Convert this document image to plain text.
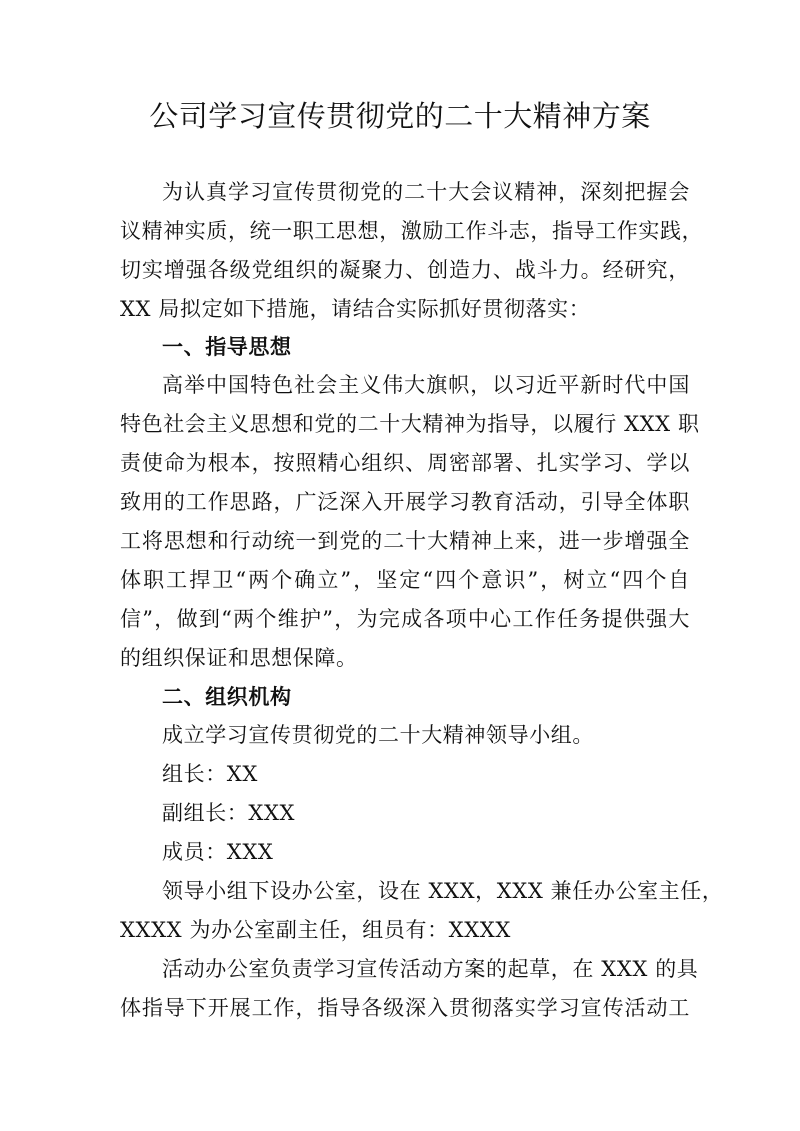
公司学习宣传贯彻党的二十大精神方案
为认真学习宣传贯彻党的二十大会议精神，深刻把握会
议精神实质，统一职工思想，激励工作斗志，指导工作实践，
切实增强各级党组织的凝聚力、创造力、战斗力。经研究，
XX 局拟定如下措施，请结合实际抓好贯彻落实：
一、指导思想
高举中国特色社会主义伟大旗帜，以习近平新时代中国
特色社会主义思想和党的二十大精神为指导，以履行 XXX 职
责使命为根本，按照精心组织、周密部署、扎实学习、学以
致用的工作思路，广泛深入开展学习教育活动，引导全体职
工将思想和行动统一到党的二十大精神上来，进一步增强全
体职工捍卫“两个确立”，坚定“四个意识”，树立“四个自
信”，做到“两个维护”，为完成各项中心工作任务提供强大
的组织保证和思想保障。
二、组织机构
成立学习宣传贯彻党的二十大精神领导小组。
组长：XX
副组长：XXX
成员：XXX
领导小组下设办公室，设在 XXX，XXX 兼任办公室主任，
XXXX 为办公室副主任，组员有：XXXX
活动办公室负责学习宣传活动方案的起草，在 XXX 的具
体指导下开展工作，指导各级深入贯彻落实学习宣传活动工
